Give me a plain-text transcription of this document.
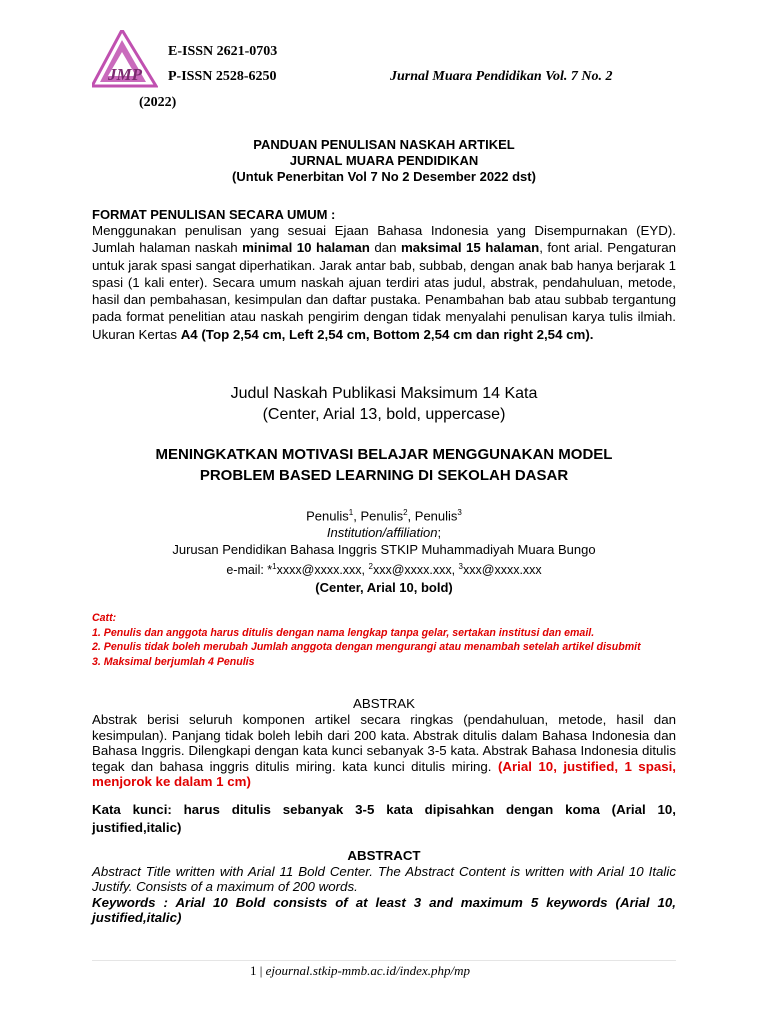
JMP
E-ISSN 2621-0703
P-ISSN 2528-6250	Jurnal Muara Pendidikan Vol. 7 No. 2
(2022)
PANDUAN PENULISAN NASKAH ARTIKEL
JURNAL MUARA PENDIDIKAN
(Untuk Penerbitan Vol 7 No 2 Desember 2022 dst)
FORMAT PENULISAN SECARA UMUM :
Menggunakan penulisan yang sesuai Ejaan Bahasa Indonesia yang Disempurnakan (EYD). Jumlah halaman naskah minimal 10 halaman dan maksimal 15 halaman, font arial. Pengaturan untuk jarak spasi sangat diperhatikan. Jarak antar bab, subbab, dengan anak bab hanya berjarak 1 spasi (1 kali enter). Secara umum naskah ajuan terdiri atas judul, abstrak, pendahuluan, metode, hasil dan pembahasan, kesimpulan dan daftar pustaka. Penambahan bab atau subbab tergantung pada format penelitian atau naskah pengirim dengan tidak menyalahi penulisan karya tulis ilmiah. Ukuran Kertas A4 (Top 2,54 cm, Left 2,54 cm, Bottom 2,54 cm dan right 2,54 cm).
Judul Naskah Publikasi Maksimum 14 Kata
(Center, Arial 13, bold, uppercase)
MENINGKATKAN MOTIVASI BELAJAR MENGGUNAKAN MODEL
PROBLEM BASED LEARNING DI SEKOLAH DASAR
Penulis$^1$, Penulis$^2$, Penulis$^3$
Institution/affiliation;
Jurusan Pendidikan Bahasa Inggris STKIP Muhammadiyah Muara Bungo
e-mail: *$^1$xxxx@xxxx.xxx, $^2$xxx@xxxx.xxx, $^3$xxx@xxxx.xxx
(Center, Arial 10, bold)
Catt:
1. Penulis dan anggota harus ditulis dengan nama lengkap tanpa gelar, sertakan institusi dan email.
2. Penulis tidak boleh merubah Jumlah anggota dengan mengurangi atau menambah setelah artikel disubmit
3. Maksimal berjumlah 4 Penulis
ABSTRAK
Abstrak berisi seluruh komponen artikel secara ringkas (pendahuluan, metode, hasil dan kesimpulan). Panjang tidak boleh lebih dari 200 kata. Abstrak ditulis dalam Bahasa Indonesia dan Bahasa Inggris. Dilengkapi dengan kata kunci sebanyak 3-5 kata. Abstrak Bahasa Indonesia ditulis tegak dan bahasa inggris ditulis miring. kata kunci ditulis miring. (Arial 10, justified, 1 spasi, menjorok ke dalam 1 cm)
Kata kunci: harus ditulis sebanyak 3-5 kata dipisahkan dengan koma (Arial 10, justified,italic)
ABSTRACT
Abstract Title written with Arial 11 Bold Center. The Abstract Content is written with Arial 10 Italic Justify. Consists of a maximum of 200 words.
Keywords : Arial 10 Bold consists of at least 3 and maximum 5 keywords (Arial 10, justified,italic)
1 | ejournal.stkip-mmb.ac.id/index.php/mp
